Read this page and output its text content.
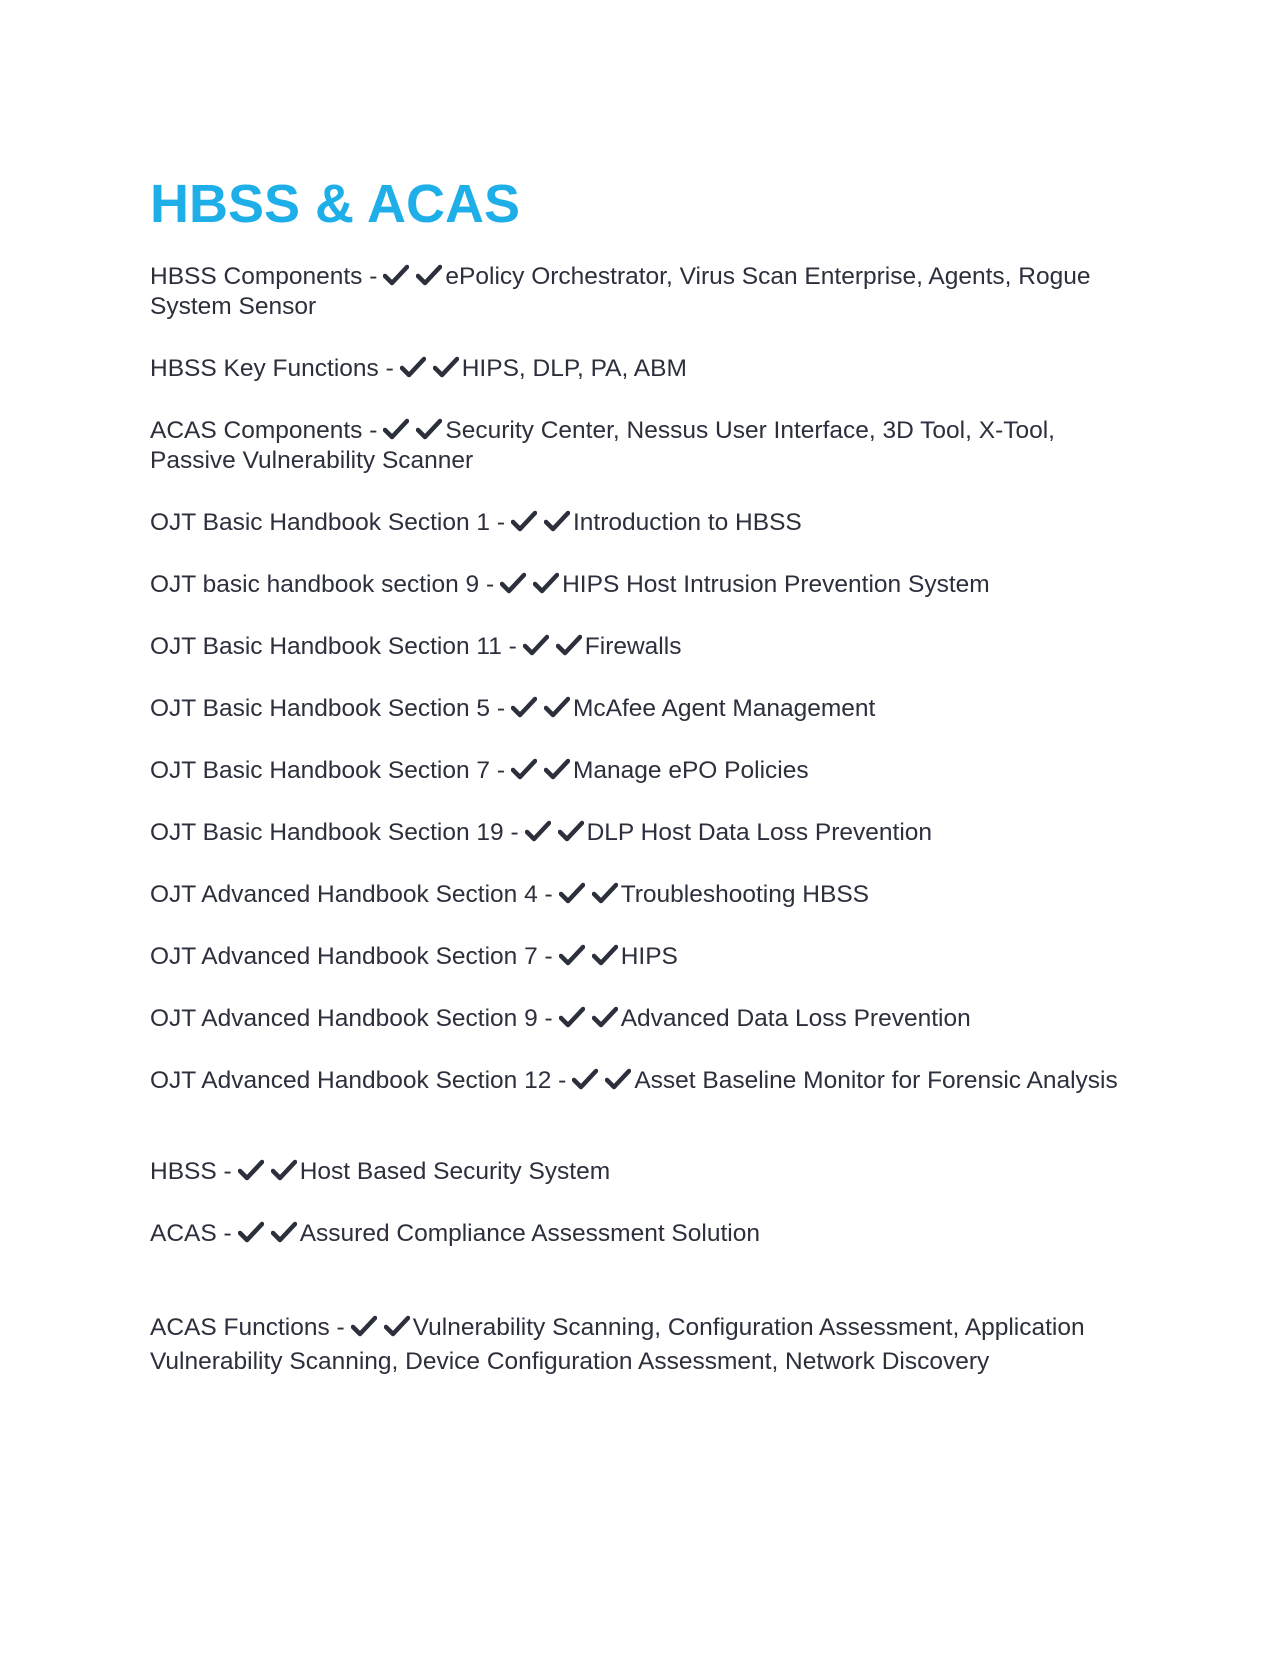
HBSS & ACAS

HBSS Components -	ePolicy Orchestrator, Virus Scan Enterprise, Agents, Rogue System Sensor

HBSS Key Functions -	HIPS, DLP, PA, ABM

ACAS Components -	Security Center, Nessus User Interface, 3D Tool, X-Tool, Passive Vulnerability Scanner

OJT Basic Handbook Section 1 -	Introduction to HBSS

OJT basic handbook section 9 -	HIPS Host Intrusion Prevention System

OJT Basic Handbook Section 11 -	Firewalls

OJT Basic Handbook Section 5 -	McAfee Agent Management

OJT Basic Handbook Section 7 -	Manage ePO Policies

OJT Basic Handbook Section 19 -	DLP Host Data Loss Prevention

OJT Advanced Handbook Section 4 -	Troubleshooting HBSS

OJT Advanced Handbook Section 7 -	HIPS

OJT Advanced Handbook Section 9 -	Advanced Data Loss Prevention

OJT Advanced Handbook Section 12 -	Asset Baseline Monitor for Forensic Analysis

HBSS -	Host Based Security System

ACAS -	Assured Compliance Assessment Solution

ACAS Functions -	Vulnerability Scanning, Configuration Assessment, Application Vulnerability Scanning, Device Configuration Assessment, Network Discovery
